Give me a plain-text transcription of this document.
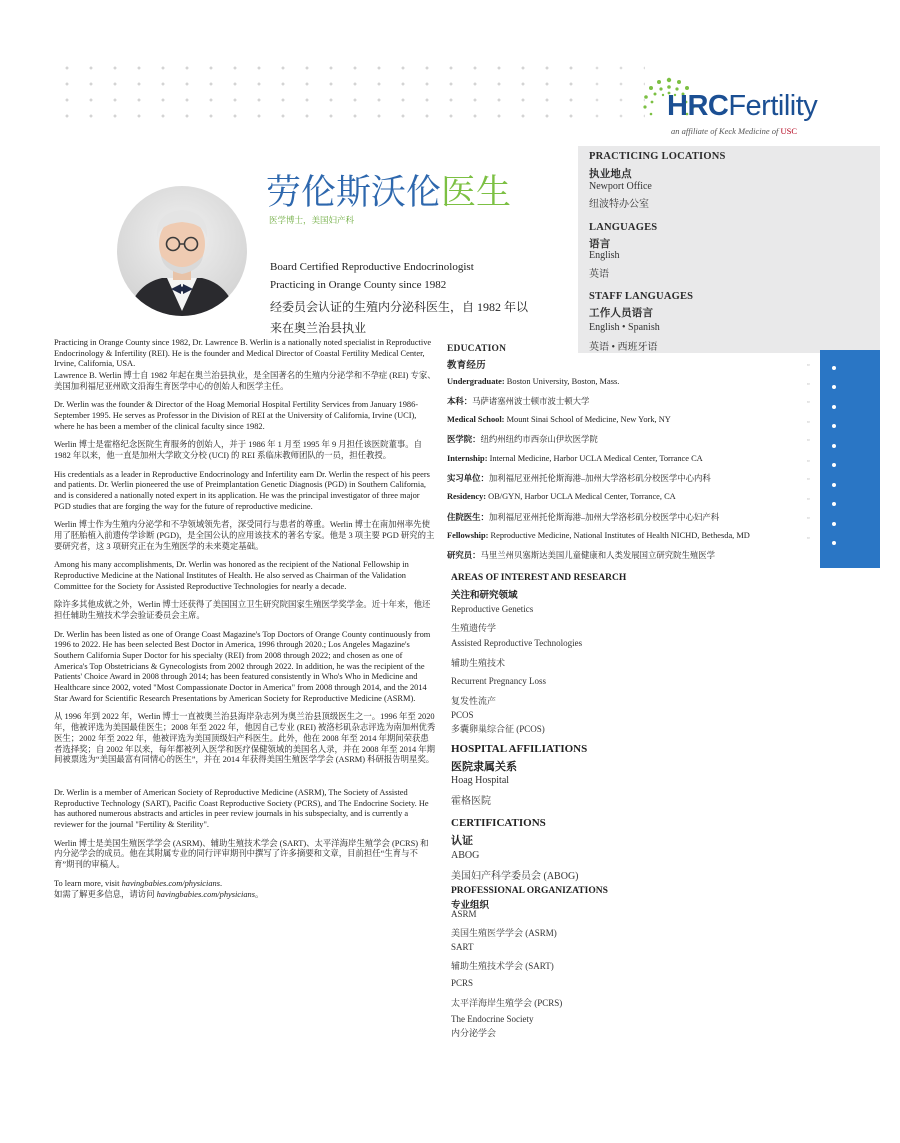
HRCFertility
an affiliate of Keck Medicine of USC
PRACTICING LOCATIONS
执业地点
Newport Office
纽波特办公室
LANGUAGES
语言
English
英语
STAFF LANGUAGES
工作人员语言
English • Spanish
英语 • 西班牙语
劳伦斯沃伦医生
医学博士，美国妇产科
Board Certified Reproductive Endocrinologist
Practicing in Orange County since 1982
经委员会认证的生殖内分泌科医生，自 1982 年以
来在奥兰治县执业

Practicing in Orange County since 1982, Dr. Lawrence B. Werlin is a nationally noted specialist in Reproductive Endocrinology & Infertility (REI). He is the founder and Medical Director of Coastal Fertility Medical Center, Irvine, California, USA.

Lawrence B. Werlin 博士自 1982 年起在奥兰治县执业，是全国著名的生殖内分泌学和不孕症 (REI) 专家、美国加利福尼亚州欧文沿海生育医学中心的创始人和医学主任。

Dr. Werlin was the founder & Director of the Hoag Memorial Hospital Fertility Services from January 1986- September 1995. He serves as Professor in the Division of REI at the University of California, Irvine (UCI), where he has been a member of the clinical faculty since 1982.

Werlin 博士是霍格纪念医院生育服务的创始人，并于 1986 年 1 月至 1995 年 9 月担任该医院董事。自 1982 年以来，他一直是加州大学欧文分校 (UCI) 的 REI 系临床教师团队的一员，担任教授。

His credentials as a leader in Reproductive Endocrinology and Infertility earn Dr. Werlin the respect of his peers and patients. Dr. Werlin pioneered the use of Preimplantation Genetic Diagnosis (PGD) in Southern California, and is considered a nationally noted expert in its application. He was the principal investigator of three major PGD studies that are forging the way for the future of reproductive medicine.

Werlin 博士作为生殖内分泌学和不孕领域领先者，深受同行与患者的尊重。Werlin 博士在南加州率先使用了胚胎植入前遗传学诊断 (PGD)，是全国公认的应用该技术的著名专家。他是 3 项主要 PGD 研究的主要研究者，这 3 项研究正在为生殖医学的未来奠定基础。

Among his many accomplishments, Dr. Werlin was honored as the recipient of the National Fellowship in Reproductive Medicine at the National Institutes of Health. He also served as Chairman of the Validation Committee for the Society for Assisted Reproductive Technologies for nearly a decade.

除许多其他成就之外，Werlin 博士还获得了美国国立卫生研究院国家生殖医学奖学金。近十年来，他还担任辅助生殖技术学会验证委员会主席。

Dr. Werlin has been listed as one of Orange Coast Magazine's Top Doctors of Orange County continuously from 1996 to 2022. He has been selected Best Doctor in America, 1996 through 2020.; Los Angeles Magazine's Southern California Super Doctor for his specialty (REI) from 2008 through 2022; and chosen as one of America's Top Obstetricians & Gynecologists from 2002 through 2022. In addition, he was the recipient of the Patients' Choice Award in 2008 through 2014; has been featured consistently in Who's Who in Medicine and Healthcare since 2002, voted "Most Compassionate Doctor in America" from 2008 through 2014, and the 2014 Star Award for Scientific Research Presentations by American Society for Reproductive Medicine (ASRM).

从 1996 年到 2022 年，Werlin 博士一直被奥兰治县海岸杂志列为奥兰治县顶级医生之一。1996 年至 2020 年，他被评选为美国最佳医生；2008 年至 2022 年，他因自己专业 (REI) 被洛杉矶杂志评选为南加州优秀医生；2002 年至 2022 年，他被评选为美国顶级妇产科医生。此外，他在 2008 年至 2014 年期间荣获患者选择奖；自 2002 年以来，每年都被列入医学和医疗保健领域的美国名人录，并在 2008 年至 2014 年期间被票选为“美国最富有同情心的医生”，并在 2014 年获得美国生殖医学学会 (ASRM) 科研报告明星奖。

Dr. Werlin is a member of American Society of Reproductive Medicine (ASRM), The Society of Assisted Reproductive Technology (SART), Pacific Coast Reproductive Society (PCRS), and The Endocrine Society. He has authored numerous abstracts and articles in peer review journals in his subspecialty, and is currently a reviewer for the journal "Fertility & Sterility".

Werlin 博士是美国生殖医学学会 (ASRM)、辅助生殖技术学会 (SART)、太平洋海岸生殖学会 (PCRS) 和内分泌学会的成员。他在其附属专业的同行评审期刊中撰写了许多摘要和文章，目前担任“生育与不育”期刊的审稿人。

To learn more, visit havingbabies.com/physicians.

如需了解更多信息，请访问 havingbabies.com/physicians。

EDUCATION
教育经历
Undergraduate: Boston University, Boston, Mass.
本科：马萨诸塞州波士顿市波士顿大学
Medical School: Mount Sinai School of Medicine, New York, NY
医学院：纽约州纽约市西奈山伊坎医学院
Internship: Internal Medicine, Harbor UCLA Medical Center, Torrance CA
实习单位：加利福尼亚州托伦斯海港–加州大学洛杉矶分校医学中心内科
Residency: OB/GYN, Harbor UCLA Medical Center, Torrance, CA
住院医生：加利福尼亚州托伦斯海港–加州大学洛杉矶分校医学中心妇产科
Fellowship: Reproductive Medicine, National Institutes of Health NICHD, Bethesda, MD
研究员：马里兰州贝塞斯达美国儿童健康和人类发展国立研究院生殖医学
▫
▫
▫
▫
▫
▫
▫
▫
▫
▫
AREAS OF INTEREST AND RESEARCH
关注和研究领域
Reproductive Genetics
生殖遗传学
Assisted Reproductive Technologies
辅助生殖技术
Recurrent Pregnancy Loss
复发性流产
PCOS
多囊卵巢综合征 (PCOS)
HOSPITAL AFFILIATIONS
医院隶属关系
Hoag Hospital
霍格医院
CERTIFICATIONS
认证
ABOG
美国妇产科学委员会 (ABOG)
PROFESSIONAL ORGANIZATIONS
专业组织
ASRM
美国生殖医学学会 (ASRM)
SART
辅助生殖技术学会 (SART)
PCRS
太平洋海岸生殖学会 (PCRS)
The Endocrine Society
内分泌学会
